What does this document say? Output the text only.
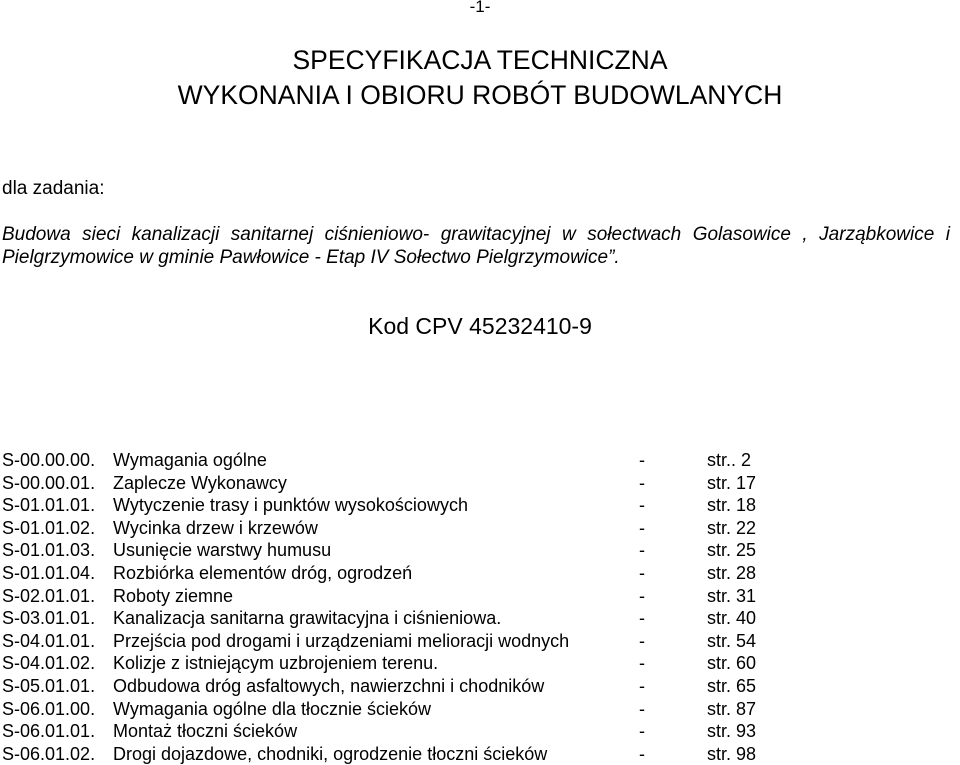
-1-
SPECYFIKACJA TECHNICZNA
WYKONANIA I OBIORU ROBÓT BUDOWLANYCH
dla zadania:
Budowa sieci kanalizacji sanitarnej ciśnieniowo- grawitacyjnej w sołectwach Golasowice , Jarząbkowice i Pielgrzymowice w gminie Pawłowice - Etap IV Sołectwo Pielgrzymowice”.
Kod CPV 45232410-9
S-00.00.00. Wymagania ogólne	-	str.. 2
S-00.00.01. Zaplecze Wykonawcy	-	str. 17
S-01.01.01. Wytyczenie trasy i punktów wysokościowych	-	str. 18
S-01.01.02. Wycinka drzew i krzewów	-	str. 22
S-01.01.03. Usunięcie warstwy humusu	-	str. 25
S-01.01.04. Rozbiórka elementów dróg, ogrodzeń	-	str. 28
S-02.01.01. Roboty ziemne	-	str. 31
S-03.01.01. Kanalizacja sanitarna grawitacyjna i ciśnieniowa.	-	str. 40
S-04.01.01. Przejścia pod drogami i urządzeniami melioracji wodnych	-	str. 54
S-04.01.02. Kolizje z istniejącym uzbrojeniem terenu.	-	str. 60
S-05.01.01. Odbudowa dróg asfaltowych, nawierzchni i chodników	-	str. 65
S-06.01.00. Wymagania ogólne dla tłocznie ścieków	-	str. 87
S-06.01.01. Montaż tłoczni ścieków	-	str. 93
S-06.01.02. Drogi dojazdowe, chodniki, ogrodzenie tłoczni ścieków	-	str. 98
